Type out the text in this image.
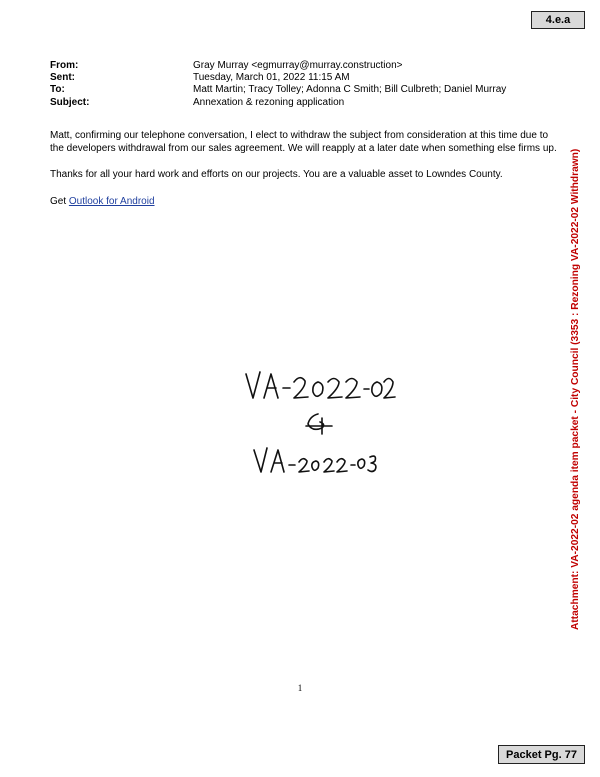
4.e.a
From:	Gray Murray <egmurray@murray.construction>
Sent:	Tuesday, March 01, 2022 11:15 AM
To:	Matt Martin; Tracy Tolley; Adonna C Smith; Bill Culbreth; Daniel Murray
Subject:	Annexation & rezoning application

Matt, confirming our telephone conversation, I elect to withdraw the subject from consideration at this time due to the developers withdrawal from our sales agreement. We will reapply at a later date when something else firms up.

Thanks for all your hard work and efforts on our projects. You are a valuable asset to Lowndes County.

Get Outlook for Android

1
Attachment: VA-2022-02 agenda item packet - City Council (3353 : Rezoning VA-2022-02 Withdrawn)
Packet Pg. 77
